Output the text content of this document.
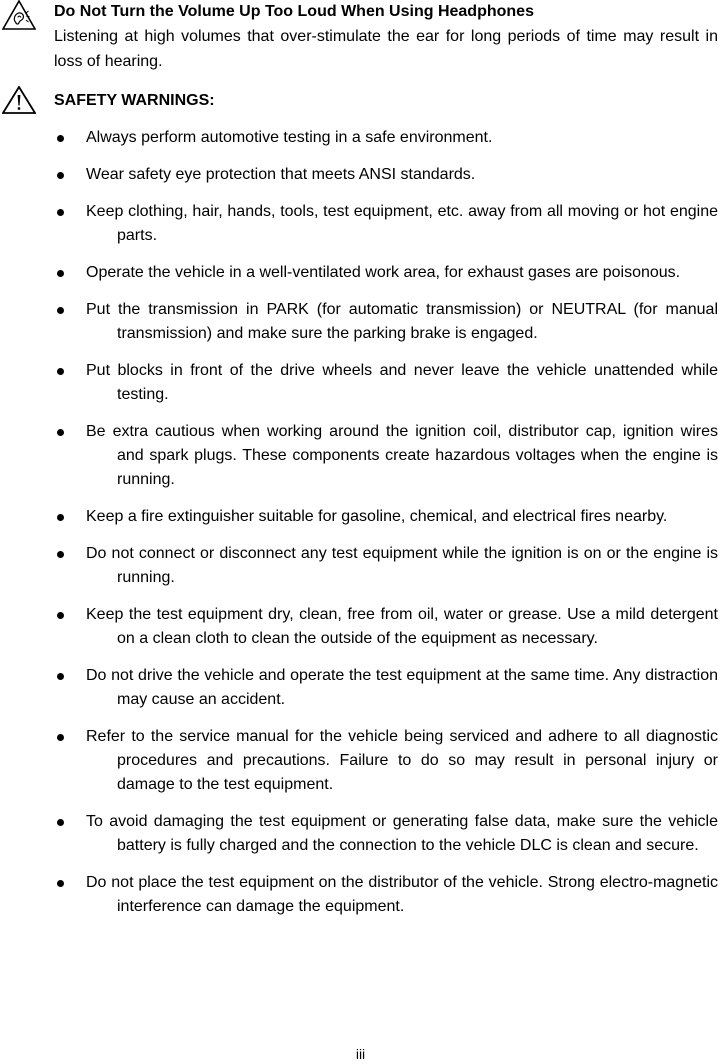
Do Not Turn the Volume Up Too Loud When Using Headphones
Listening at high volumes that over-stimulate the ear for long periods of time may result in loss of hearing.
SAFETY WARNINGS:
Always perform automotive testing in a safe environment.
Wear safety eye protection that meets ANSI standards.
Keep clothing, hair, hands, tools, test equipment, etc. away from all moving or hot engine parts.
Operate the vehicle in a well-ventilated work area, for exhaust gases are poisonous.
Put the transmission in PARK (for automatic transmission) or NEUTRAL (for manual transmission) and make sure the parking brake is engaged.
Put blocks in front of the drive wheels and never leave the vehicle unattended while testing.
Be extra cautious when working around the ignition coil, distributor cap, ignition wires and spark plugs. These components create hazardous voltages when the engine is running.
Keep a fire extinguisher suitable for gasoline, chemical, and electrical fires nearby.
Do not connect or disconnect any test equipment while the ignition is on or the engine is running.
Keep the test equipment dry, clean, free from oil, water or grease. Use a mild detergent on a clean cloth to clean the outside of the equipment as necessary.
Do not drive the vehicle and operate the test equipment at the same time. Any distraction may cause an accident.
Refer to the service manual for the vehicle being serviced and adhere to all diagnostic procedures and precautions. Failure to do so may result in personal injury or damage to the test equipment.
To avoid damaging the test equipment or generating false data, make sure the vehicle battery is fully charged and the connection to the vehicle DLC is clean and secure.
Do not place the test equipment on the distributor of the vehicle. Strong electro-magnetic interference can damage the equipment.
iii
